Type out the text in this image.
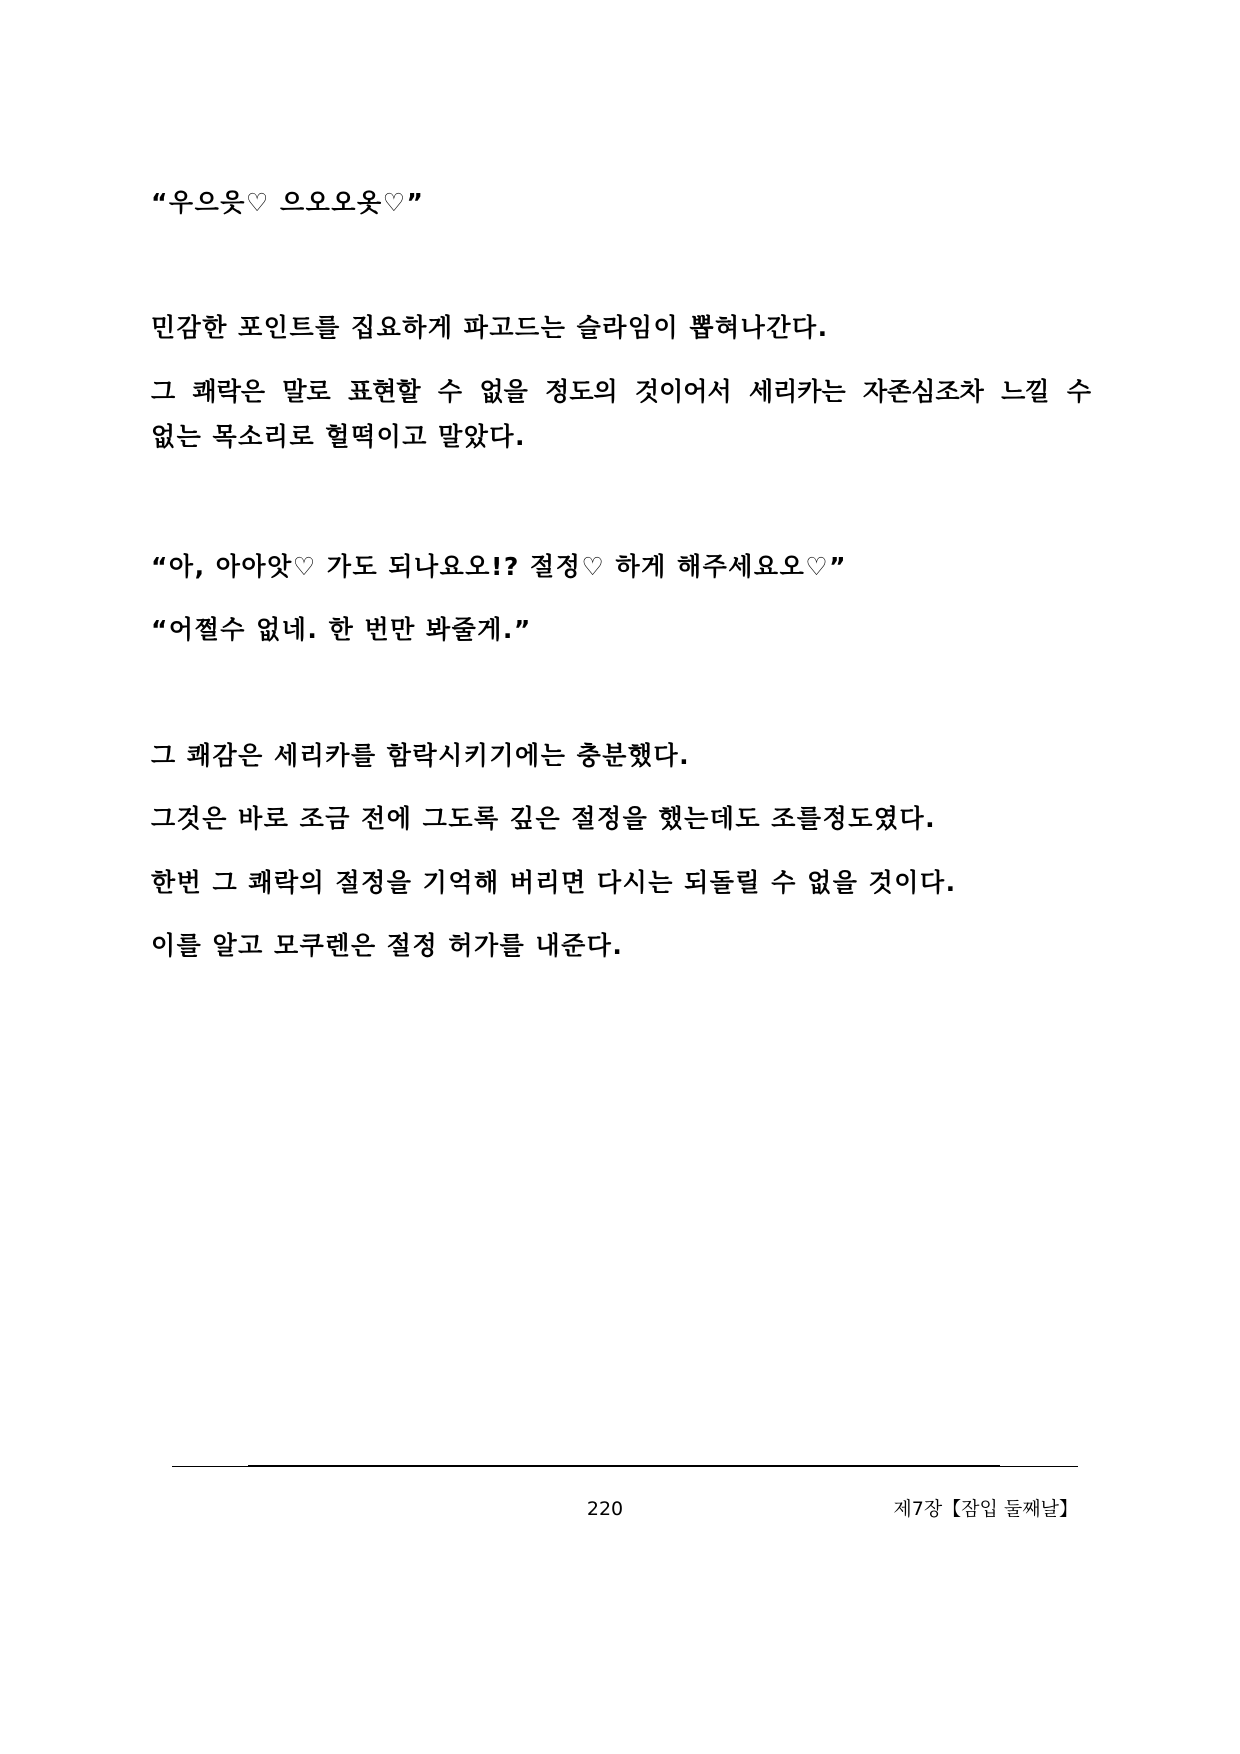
“우으읏♡ 으오오옷♡”

민감한 포인트를 집요하게 파고드는 슬라임이 뽑혀나간다.

그 쾌락은 말로 표현할 수 없을 정도의 것이어서 세리카는 자존심조차 느낄 수

없는 목소리로 헐떡이고 말았다.

“아, 아아앗♡ 가도 되나요오!? 절정♡ 하게 해주세요오♡”

“어쩔수 없네. 한 번만 봐줄게.”

그 쾌감은 세리카를 함락시키기에는 충분했다.

그것은 바로 조금 전에 그도록 깊은 절정을 했는데도 조를정도였다.

한번 그 쾌락의 절정을 기억해 버리면 다시는 되돌릴 수 없을 것이다.

이를 알고 모쿠렌은 절정 허가를 내준다.

220	제7장【잠입 둘째날】
